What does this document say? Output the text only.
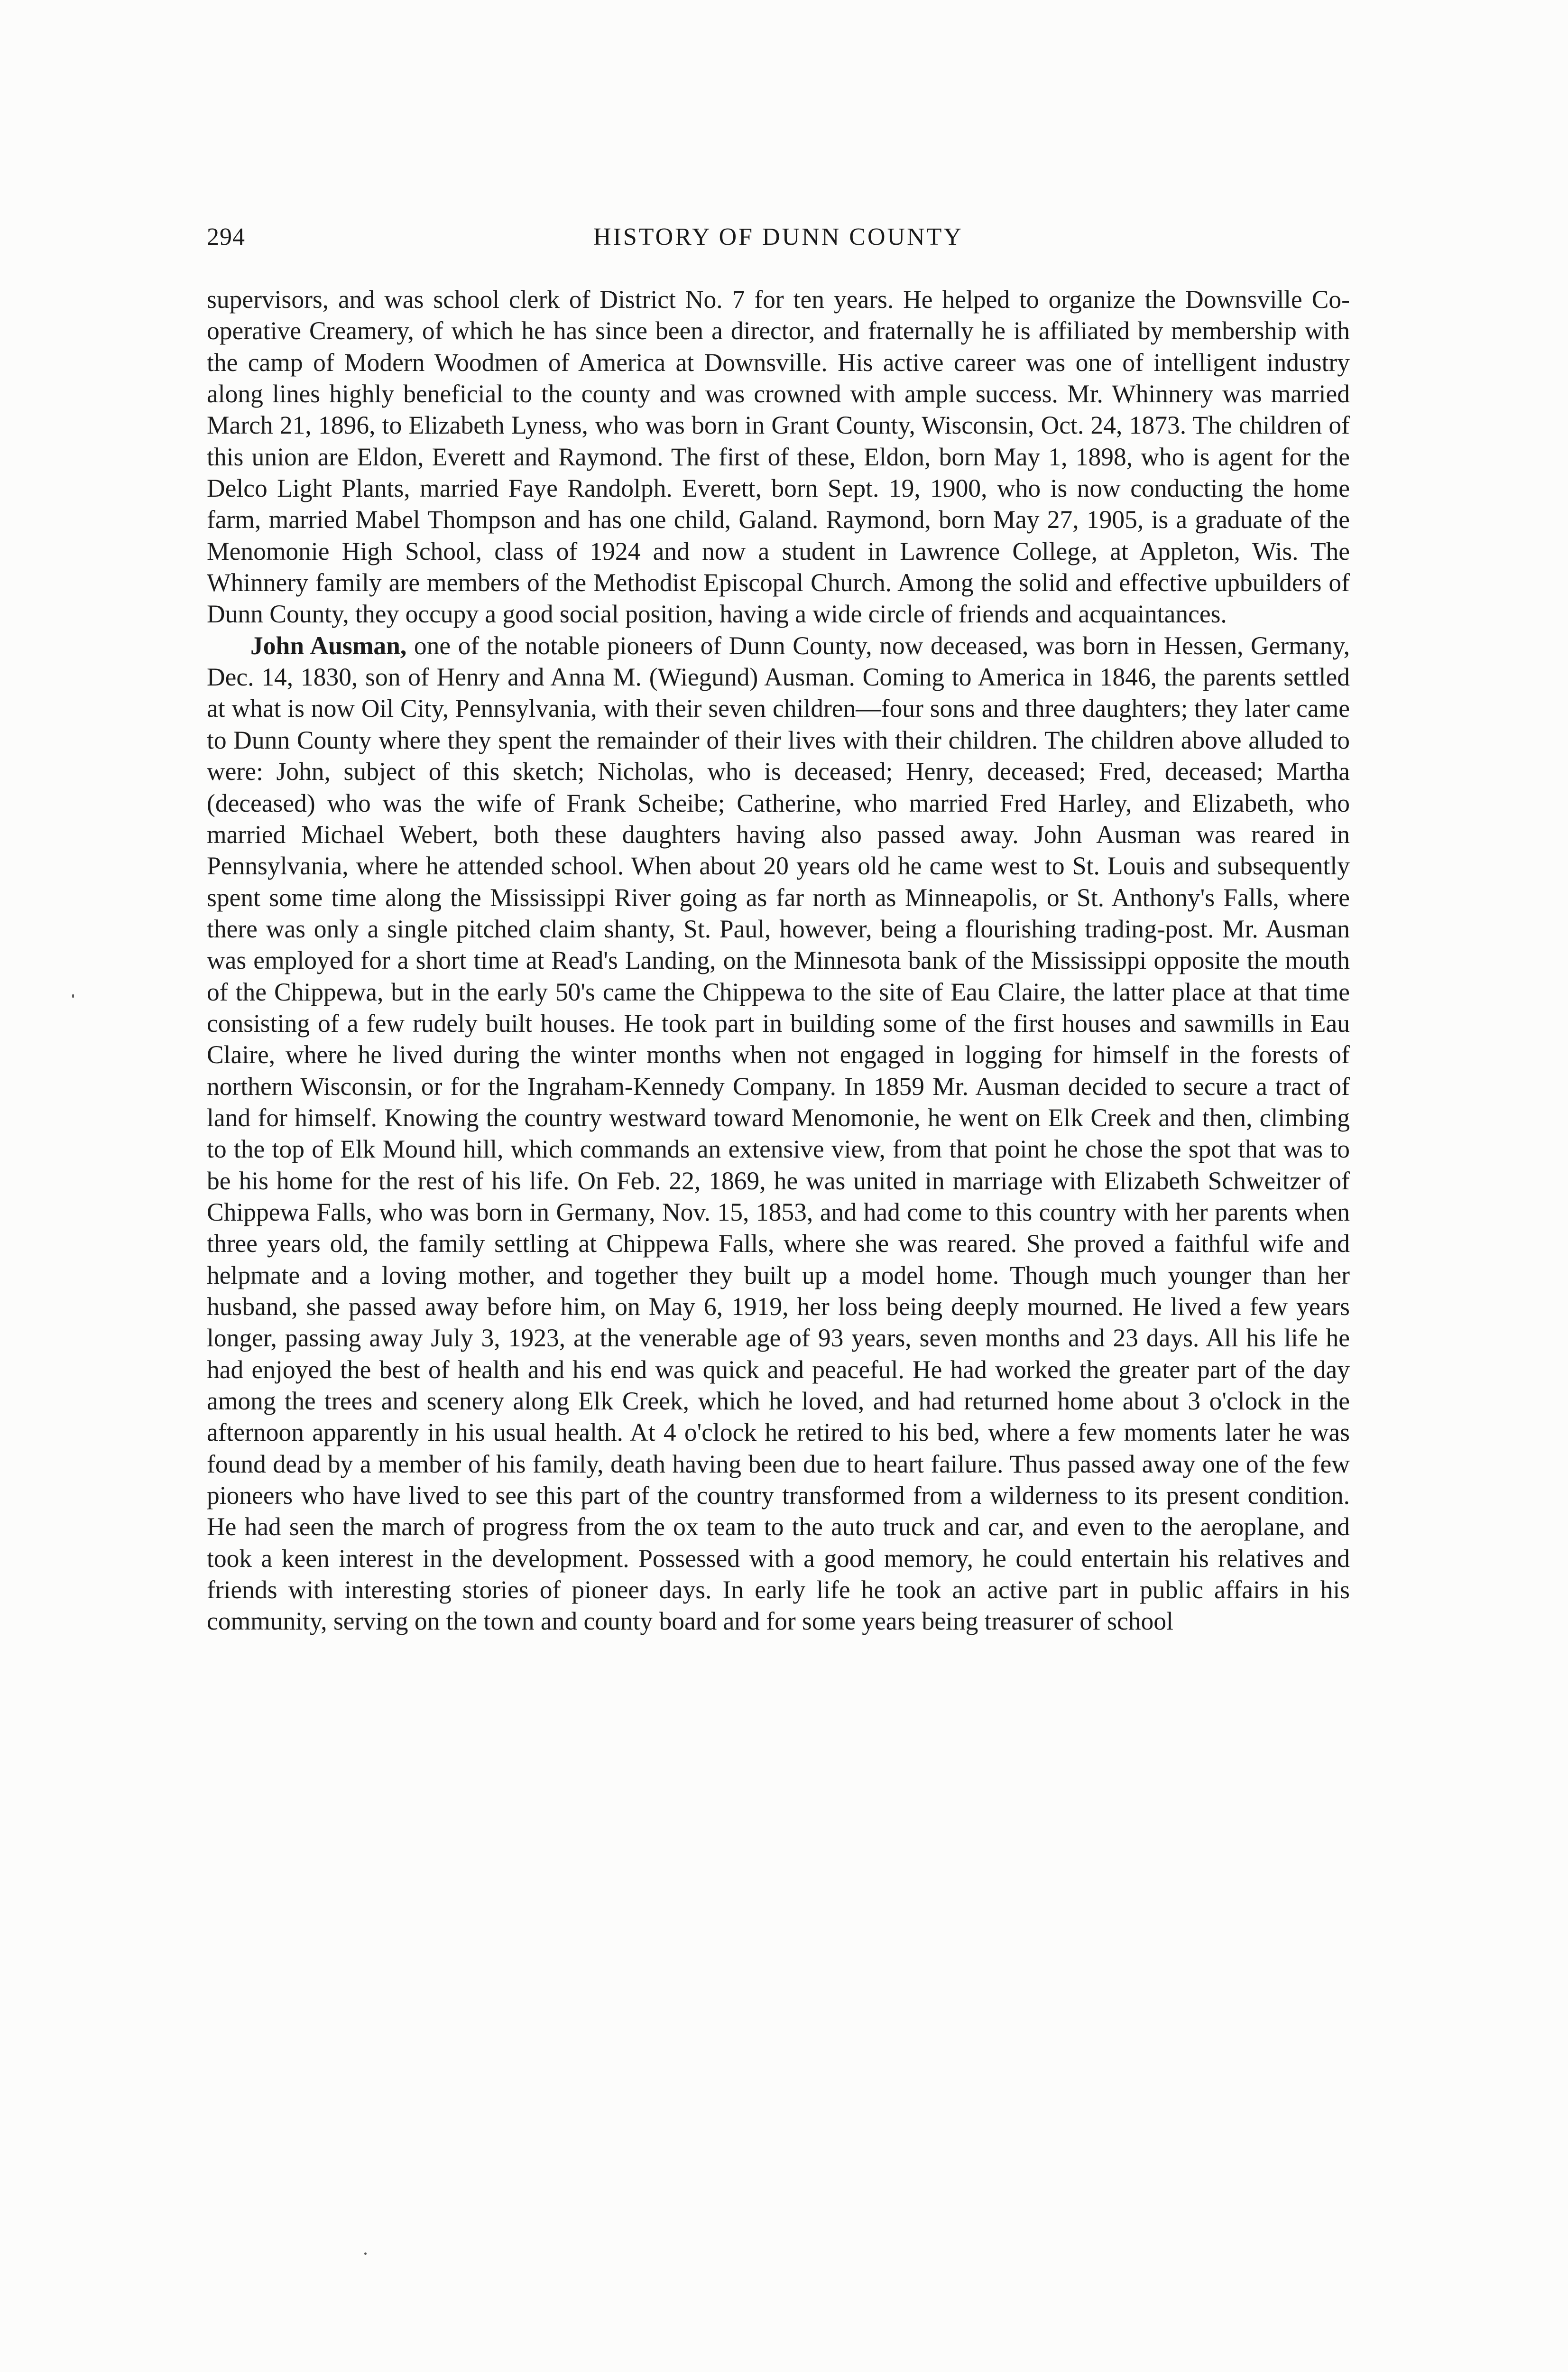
294	HISTORY OF DUNN COUNTY

supervisors, and was school clerk of District No. 7 for ten years. He helped to organize the Downsville Co-operative Creamery, of which he has since been a director, and fraternally he is affiliated by membership with the camp of Modern Woodmen of America at Downsville. His active career was one of intelligent industry along lines highly beneficial to the county and was crowned with ample success. Mr. Whinnery was married March 21, 1896, to Elizabeth Lyness, who was born in Grant County, Wisconsin, Oct. 24, 1873. The children of this union are Eldon, Everett and Raymond. The first of these, Eldon, born May 1, 1898, who is agent for the Delco Light Plants, married Faye Randolph. Everett, born Sept. 19, 1900, who is now conducting the home farm, married Mabel Thompson and has one child, Galand. Raymond, born May 27, 1905, is a graduate of the Menomonie High School, class of 1924 and now a student in Lawrence College, at Appleton, Wis. The Whinnery family are members of the Methodist Episcopal Church. Among the solid and effective upbuilders of Dunn County, they occupy a good social position, having a wide circle of friends and acquaintances.

John Ausman, one of the notable pioneers of Dunn County, now deceased, was born in Hessen, Germany, Dec. 14, 1830, son of Henry and Anna M. (Wiegund) Ausman. Coming to America in 1846, the parents settled at what is now Oil City, Pennsylvania, with their seven children—four sons and three daughters; they later came to Dunn County where they spent the remainder of their lives with their children. The children above alluded to were: John, subject of this sketch; Nicholas, who is deceased; Henry, deceased; Fred, deceased; Martha (deceased) who was the wife of Frank Scheibe; Catherine, who married Fred Harley, and Elizabeth, who married Michael Webert, both these daughters having also passed away. John Ausman was reared in Pennsylvania, where he attended school. When about 20 years old he came west to St. Louis and subsequently spent some time along the Mississippi River going as far north as Minneapolis, or St. Anthony's Falls, where there was only a single pitched claim shanty, St. Paul, however, being a flourishing trading-post. Mr. Ausman was employed for a short time at Read's Landing, on the Minnesota bank of the Mississippi opposite the mouth of the Chippewa, but in the early 50's came the Chippewa to the site of Eau Claire, the latter place at that time consisting of a few rudely built houses. He took part in building some of the first houses and sawmills in Eau Claire, where he lived during the winter months when not engaged in logging for himself in the forests of northern Wisconsin, or for the Ingraham-Kennedy Company. In 1859 Mr. Ausman decided to secure a tract of land for himself. Knowing the country westward toward Menomonie, he went on Elk Creek and then, climbing to the top of Elk Mound hill, which commands an extensive view, from that point he chose the spot that was to be his home for the rest of his life. On Feb. 22, 1869, he was united in marriage with Elizabeth Schweitzer of Chippewa Falls, who was born in Germany, Nov. 15, 1853, and had come to this country with her parents when three years old, the family settling at Chippewa Falls, where she was reared. She proved a faithful wife and helpmate and a loving mother, and together they built up a model home. Though much younger than her husband, she passed away before him, on May 6, 1919, her loss being deeply mourned. He lived a few years longer, passing away July 3, 1923, at the venerable age of 93 years, seven months and 23 days. All his life he had enjoyed the best of health and his end was quick and peaceful. He had worked the greater part of the day among the trees and scenery along Elk Creek, which he loved, and had returned home about 3 o'clock in the afternoon apparently in his usual health. At 4 o'clock he retired to his bed, where a few moments later he was found dead by a member of his family, death having been due to heart failure. Thus passed away one of the few pioneers who have lived to see this part of the country transformed from a wilderness to its present condition. He had seen the march of progress from the ox team to the auto truck and car, and even to the aeroplane, and took a keen interest in the development. Possessed with a good memory, he could entertain his relatives and friends with interesting stories of pioneer days. In early life he took an active part in public affairs in his community, serving on the town and county board and for some years being treasurer of school
